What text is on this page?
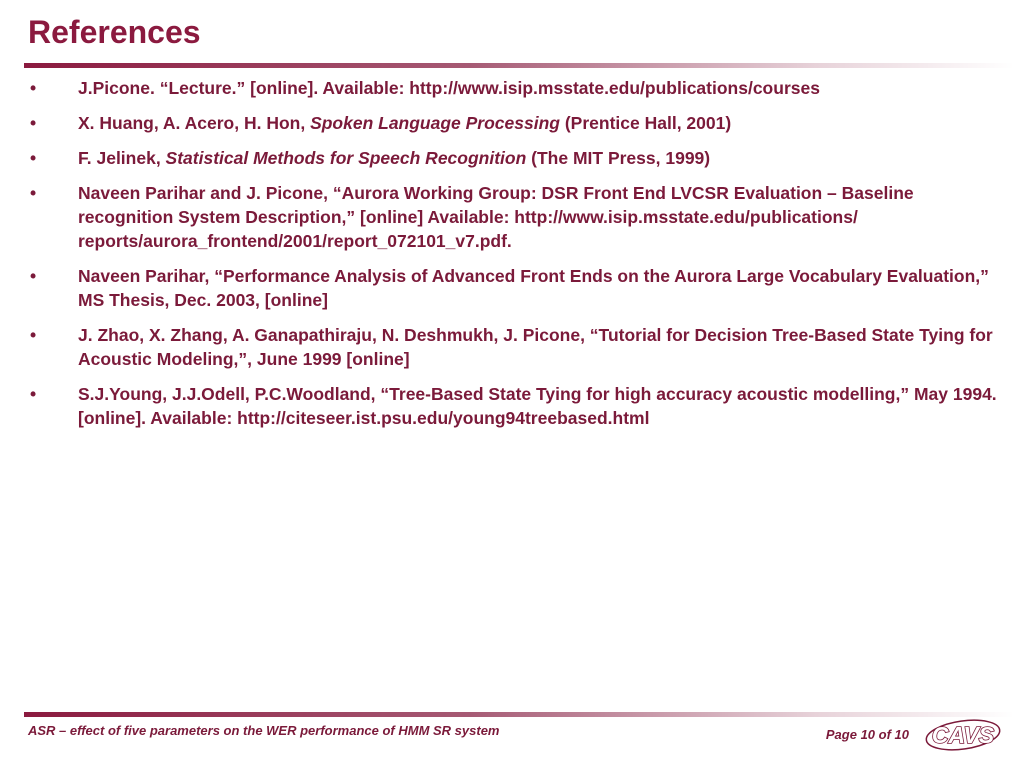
References
• J.Picone. “Lecture.” [online]. Available: http://www.isip.msstate.edu/publications/courses
• X. Huang, A. Acero, H. Hon, Spoken Language Processing (Prentice Hall, 2001)
• F. Jelinek, Statistical Methods for Speech Recognition (The MIT Press, 1999)
• Naveen Parihar and J. Picone, “Aurora Working Group: DSR Front End LVCSR Evaluation – Baseline recognition System Description,” [online] Available: http://www.isip.msstate.edu/publications/ reports/aurora_frontend/2001/report_072101_v7.pdf.
• Naveen Parihar, “Performance Analysis of Advanced Front Ends on the Aurora Large Vocabulary Evaluation,” MS Thesis, Dec. 2003, [online]
• J. Zhao, X. Zhang, A. Ganapathiraju, N. Deshmukh, J. Picone, “Tutorial for Decision Tree-Based State Tying for Acoustic Modeling,”, June 1999 [online]
• S.J.Young, J.J.Odell, P.C.Woodland, “Tree-Based State Tying for high accuracy acoustic modelling,” May 1994. [online]. Available: http://citeseer.ist.psu.edu/young94treebased.html
ASR – effect of five parameters on the WER performance of HMM SR system	Page 10 of 10 CAVS
